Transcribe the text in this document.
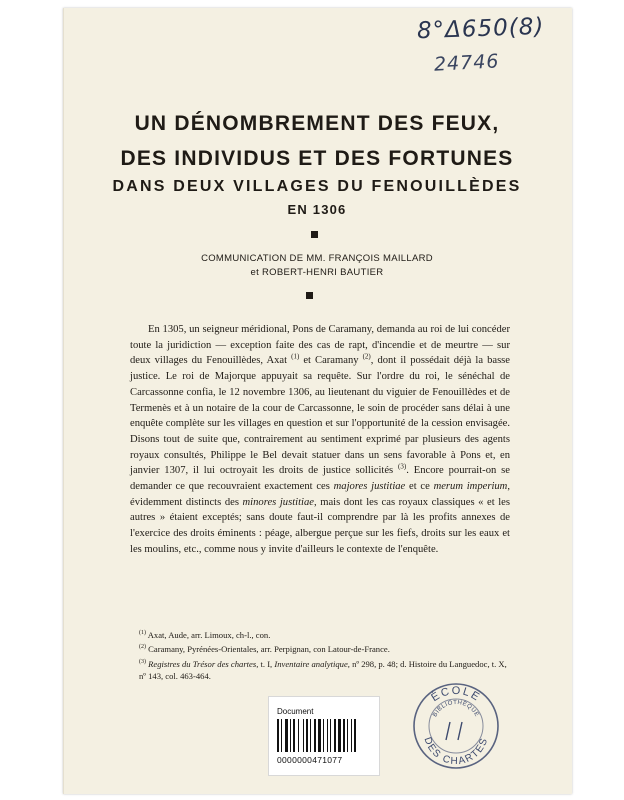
8°Δ650(8)
24746
UN DÉNOMBREMENT DES FEUX,
DES INDIVIDUS ET DES FORTUNES
DANS DEUX VILLAGES DU FENOUILLÈDES
EN 1306
COMMUNICATION DE MM. FRANÇOIS MAILLARD
et ROBERT-HENRI BAUTIER

En 1305, un seigneur méridional, Pons de Caramany, demanda au roi de lui concéder toute la juridiction — exception faite des cas de rapt, d'incendie et de meurtre — sur deux villages du Fenouillèdes, Axat $^{(1)}$ et Caramany $^{(2)}$, dont il possédait déjà la basse justice. Le roi de Majorque appuyait sa requête. Sur l'ordre du roi, le sénéchal de Carcassonne confia, le 12 novembre 1306, au lieutenant du viguier de Fenouillèdes et de Termenès et à un notaire de la cour de Carcassonne, le soin de procéder sans délai à une enquête complète sur les villages en question et sur l'opportunité de la cession envisagée. Disons tout de suite que, contrairement au sentiment exprimé par plusieurs des agents royaux consultés, Philippe le Bel devait statuer dans un sens favorable à Pons et, en janvier 1307, il lui octroyait les droits de justice sollicités $^{(3)}$. Encore pourrait-on se demander ce que recouvraient exactement ces majores justitiae et ce merum imperium, évidemment distincts des minores justitiae, mais dont les cas royaux classiques « et les autres » étaient exceptés; sans doute faut-il comprendre par là les profits annexes de l'exercice des droits éminents : péage, albergue perçue sur les fiefs, droits sur les eaux et les moulins, etc., comme nous y invite d'ailleurs le contexte de l'enquête.

$^{(1)}$ Axat, Aude, arr. Limoux, ch-l., con.

$^{(2)}$ Caramany, Pyrénées-Orientales, arr. Perpignan, con Latour-de-France.

$^{(3)}$ Registres du Trésor des chartes, t. I, Inventaire analytique, nº 298, p. 48; d. Histoire du Languedoc, t. X, nº 143, col. 463-464.

Document
0000000471077
ÉCOLE
BIBLIOTHÈQUE
DES CHARTES
